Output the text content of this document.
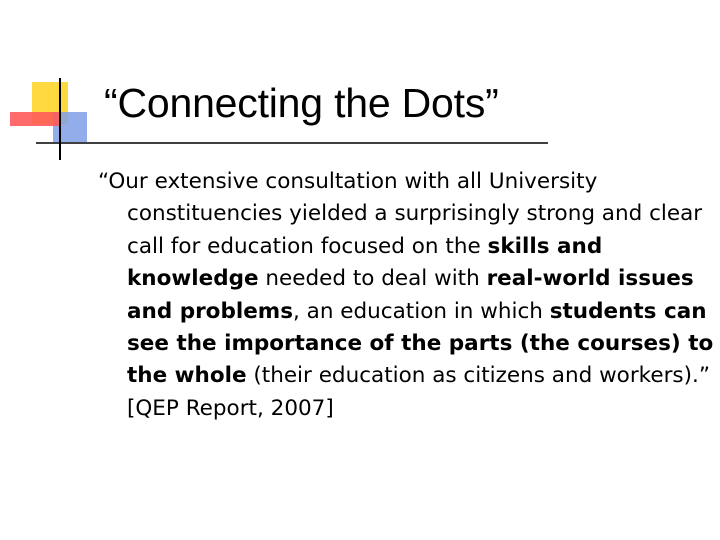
“Connecting the Dots”
“Our extensive consultation with all University constituencies yielded a surprisingly strong and clear call for education focused on the skills and knowledge needed to deal with real-world issues and problems, an education in which students can see the importance of the parts (the courses) to the whole (their education as citizens and workers).” [QEP Report, 2007]
